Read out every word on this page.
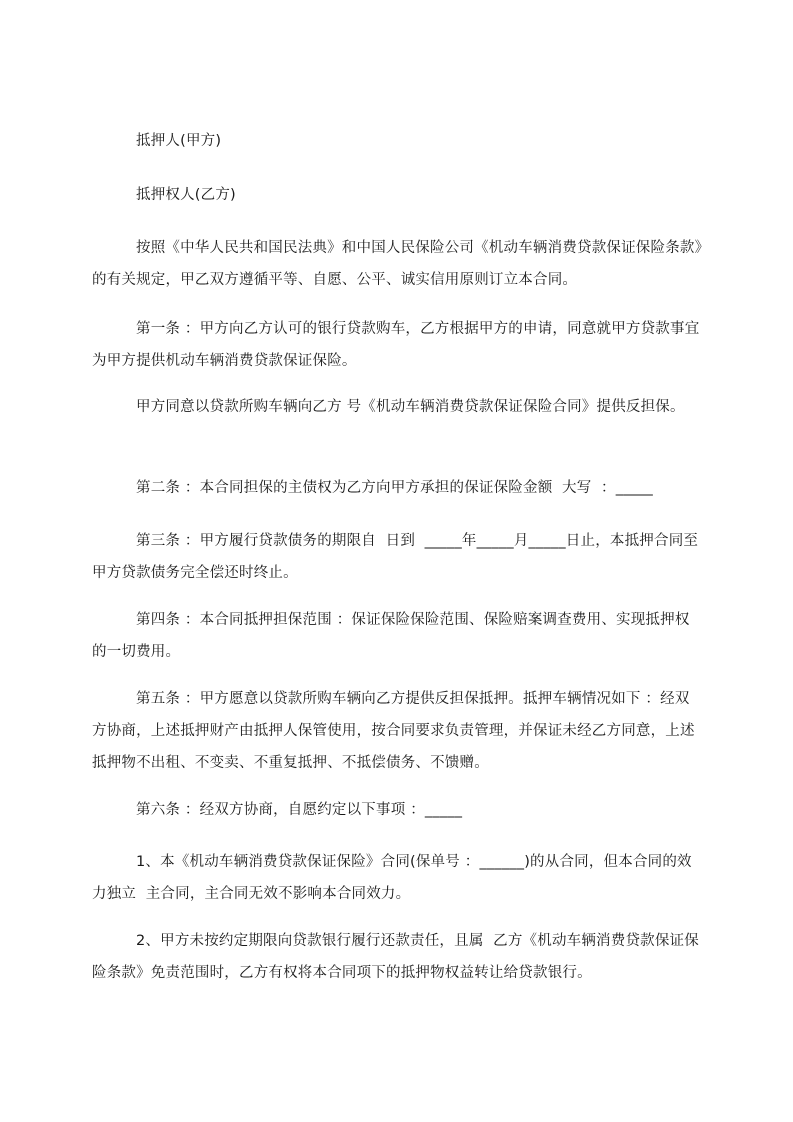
抵押人(甲方)

抵押权人(乙方)

按照《中华人民共和国民法典》和中国人民保险公司《机动车辆消费贷款保证保险条款》的有关规定，甲乙双方遵循平等、自愿、公平、诚实信用原则订立本合同。

第一条 ：甲方向乙方认可的银行贷款购车，乙方根据甲方的申请，同意就甲方贷款事宜为甲方提供机动车辆消费贷款保证保险。

甲方同意以贷款所购车辆向乙方 号《机动车辆消费贷款保证保险合同》提供反担保。

第二条 ：本合同担保的主债权为乙方向甲方承担的保证保险金额  大写  ：_____

第三条 ：甲方履行贷款债务的期限自  日到  _____年_____月_____日止，本抵押合同至甲方贷款债务完全偿还时终止。

第四条 ：本合同抵押担保范围 ：保证保险保险范围、保险赔案调查费用、实现抵押权的一切费用。

第五条 ：甲方愿意以贷款所购车辆向乙方提供反担保抵押。抵押车辆情况如下 ：经双方协商，上述抵押财产由抵押人保管使用，按合同要求负责管理，并保证未经乙方同意，上述抵押物不出租、不变卖、不重复抵押、不抵偿债务、不馈赠。

第六条 ：经双方协商，自愿约定以下事项 ：_____

1、本《机动车辆消费贷款保证保险》合同(保单号 ：______)的从合同，但本合同的效力独立  主合同，主合同无效不影响本合同效力。

2、甲方未按约定期限向贷款银行履行还款责任，且属  乙方《机动车辆消费贷款保证保险条款》免责范围时，乙方有权将本合同项下的抵押物权益转让给贷款银行。
